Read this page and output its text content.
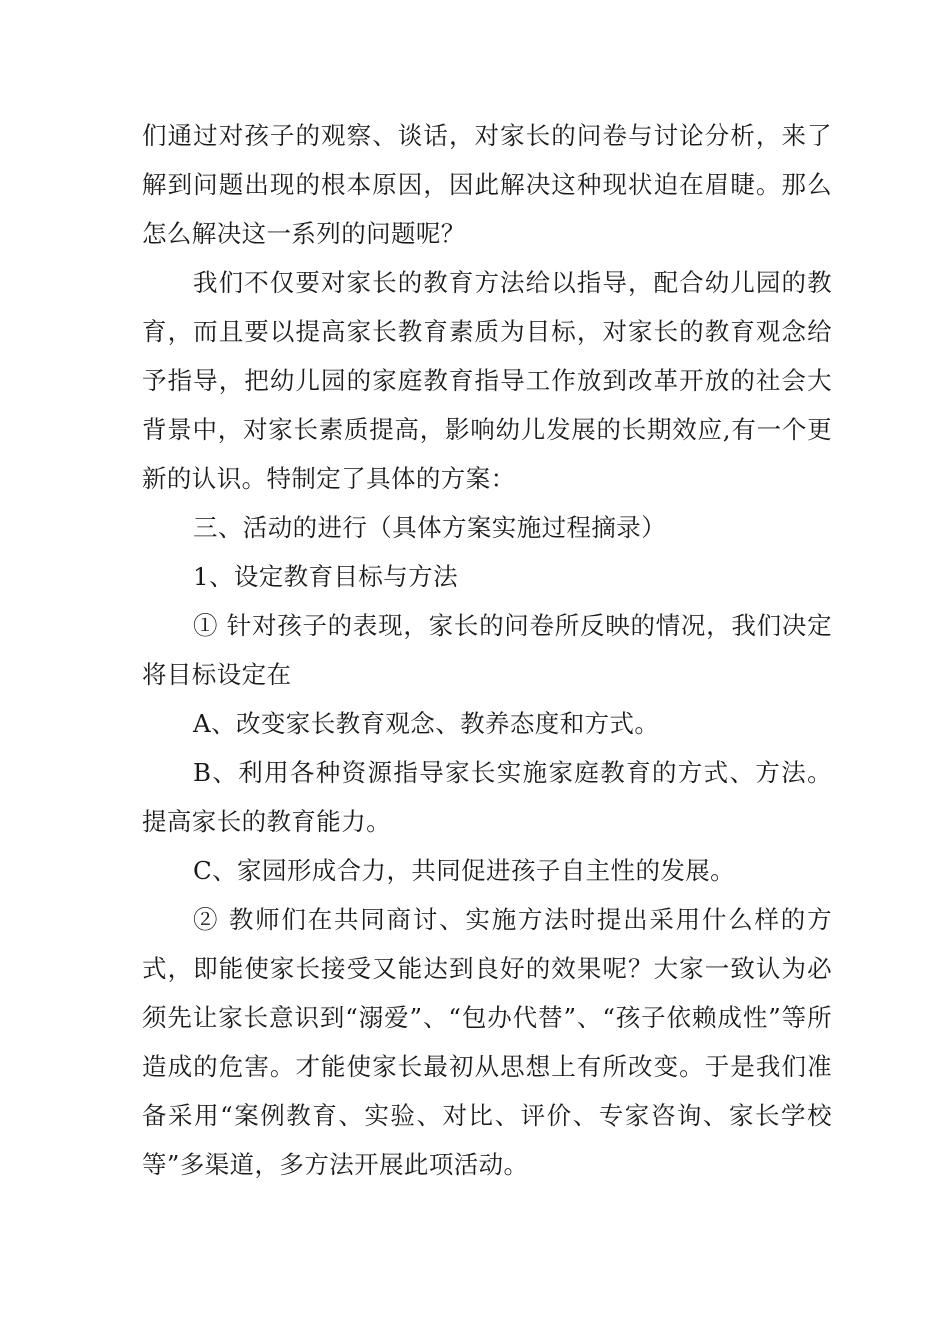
们通过对孩子的观察、谈话，对家长的问卷与讨论分析，来了解到问题出现的根本原因，因此解决这种现状迫在眉睫。那么怎么解决这一系列的问题呢？

我们不仅要对家长的教育方法给以指导，配合幼儿园的教育，而且要以提高家长教育素质为目标，对家长的教育观念给予指导，把幼儿园的家庭教育指导工作放到改革开放的社会大背景中，对家长素质提高，影响幼儿发展的长期效应,有一个更新的认识。特制定了具体的方案：

三、活动的进行（具体方案实施过程摘录）

1、设定教育目标与方法

① 针对孩子的表现，家长的问卷所反映的情况，我们决定将目标设定在

A、改变家长教育观念、教养态度和方式。

B、利用各种资源指导家长实施家庭教育的方式、方法。提高家长的教育能力。

C、家园形成合力，共同促进孩子自主性的发展。

② 教师们在共同商讨、实施方法时提出采用什么样的方式，即能使家长接受又能达到良好的效果呢？大家一致认为必须先让家长意识到“溺爱”、“包办代替”、“孩子依赖成性”等所造成的危害。才能使家长最初从思想上有所改变。于是我们准备采用“案例教育、实验、对比、评价、专家咨询、家长学校等”多渠道，多方法开展此项活动。
